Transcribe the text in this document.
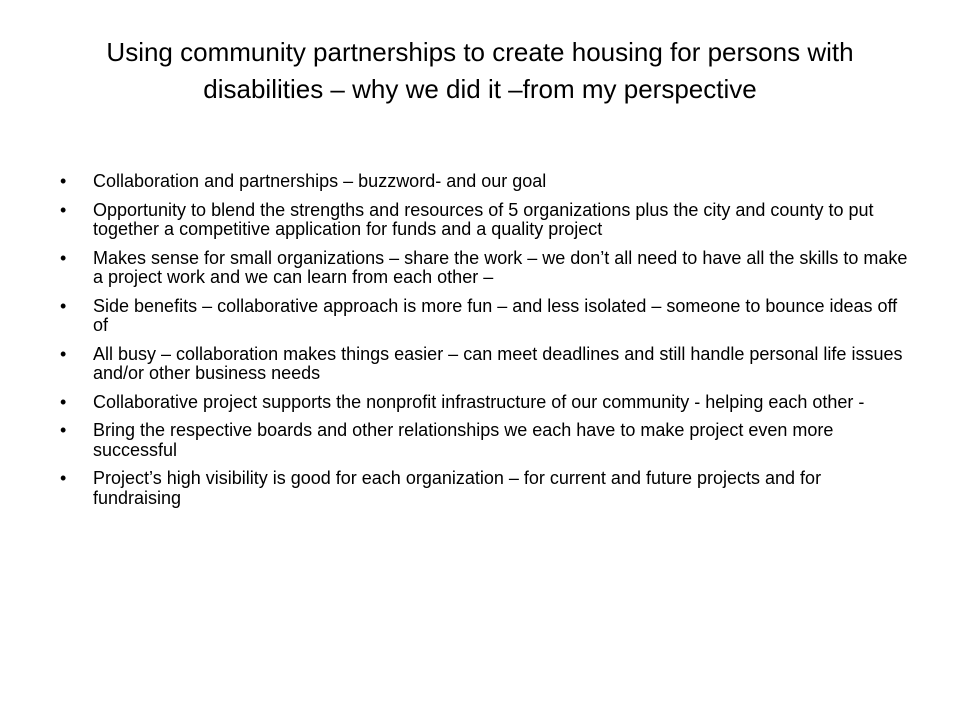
Using community partnerships to create housing for persons with disabilities – why we did it –from my perspective
•	Collaboration and partnerships – buzzword- and our goal
•	Opportunity to blend the strengths and resources of 5 organizations plus the city and county to put together a competitive application for funds and a quality project
•	Makes sense for small organizations – share the work – we don’t all need to have all the skills to make a project work and we can learn from each other –
•	Side benefits – collaborative approach is more fun – and less isolated – someone to bounce ideas off of
•	All busy – collaboration makes things easier – can meet deadlines and still handle personal life issues and/or other business needs
•	Collaborative project supports the nonprofit infrastructure of our community - helping each other -
•	Bring the respective boards and other relationships we each have to make project even more successful
•	Project’s high visibility is good for each organization – for current and future projects and for fundraising
